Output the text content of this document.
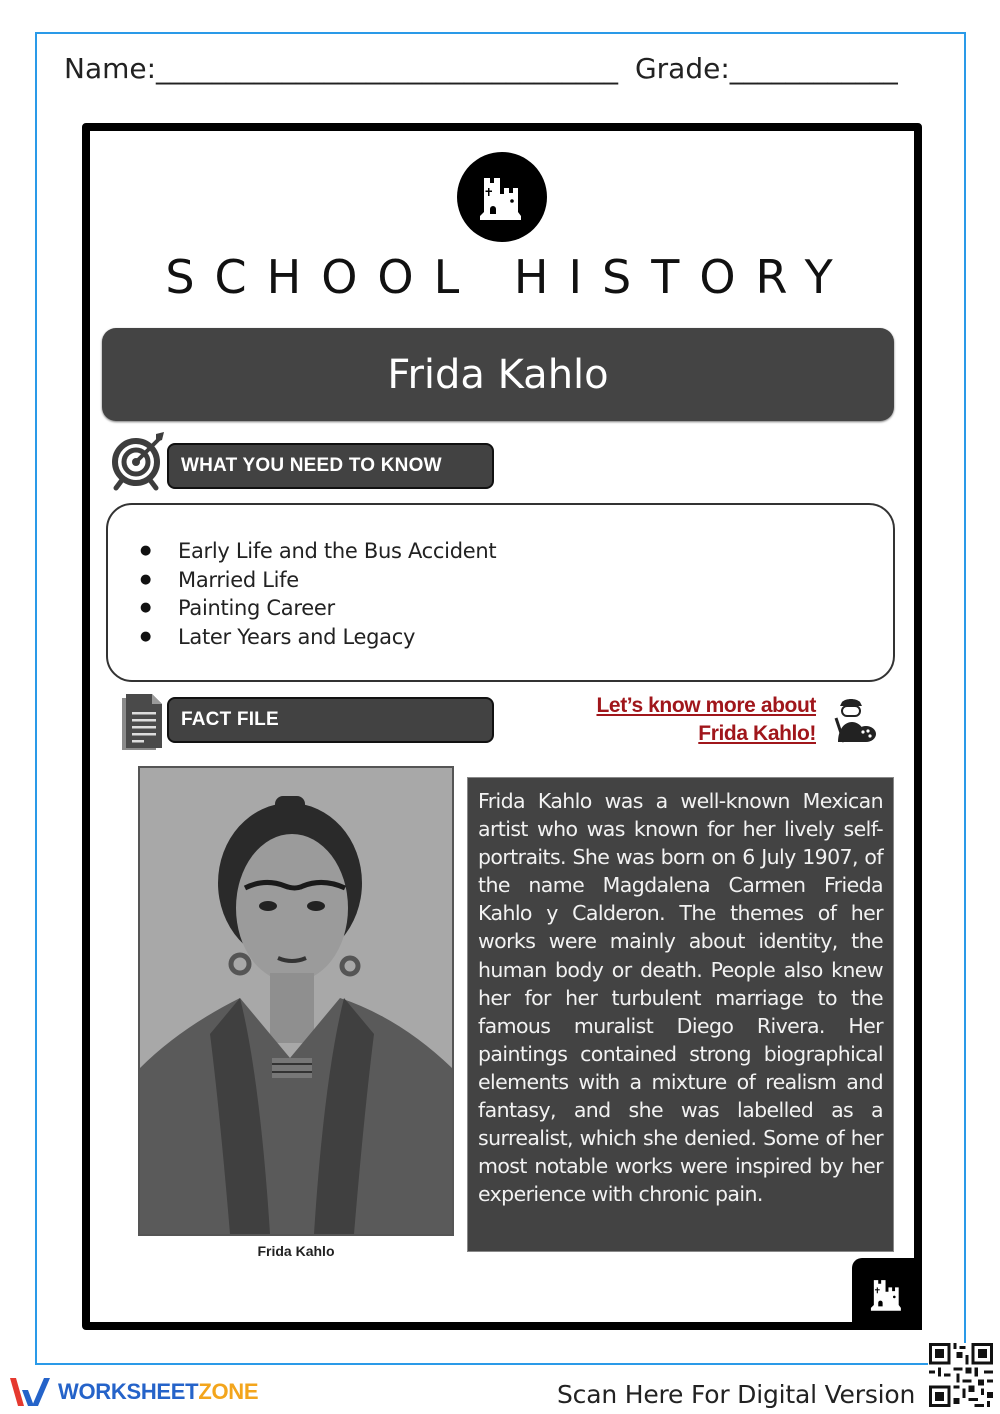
Name:_________________________________ Grade:____________
SCHOOL HISTORY
Frida Kahlo
WHAT YOU NEED TO KNOW
● Early Life and the Bus Accident
● Married Life
● Painting Career
● Later Years and Legacy
FACT FILE
Let’s know more about
Frida Kahlo!
Frida Kahlo

Frida Kahlo was a well-known Mexican artist who was known for her lively self-portraits. She was born on 6 July 1907, of the name Magdalena Carmen Frieda Kahlo y Calderon. The themes of her works were mainly about identity, the human body or death. People also knew her for her turbulent marriage to the famous muralist Diego Rivera. Her paintings contained strong biographical elements with a mixture of realism and fantasy, and she was labelled as a surrealist, which she denied. Some of her most notable works were inspired by her experience with chronic pain.

WORKSHEETZONE	Scan Here For Digital Version
